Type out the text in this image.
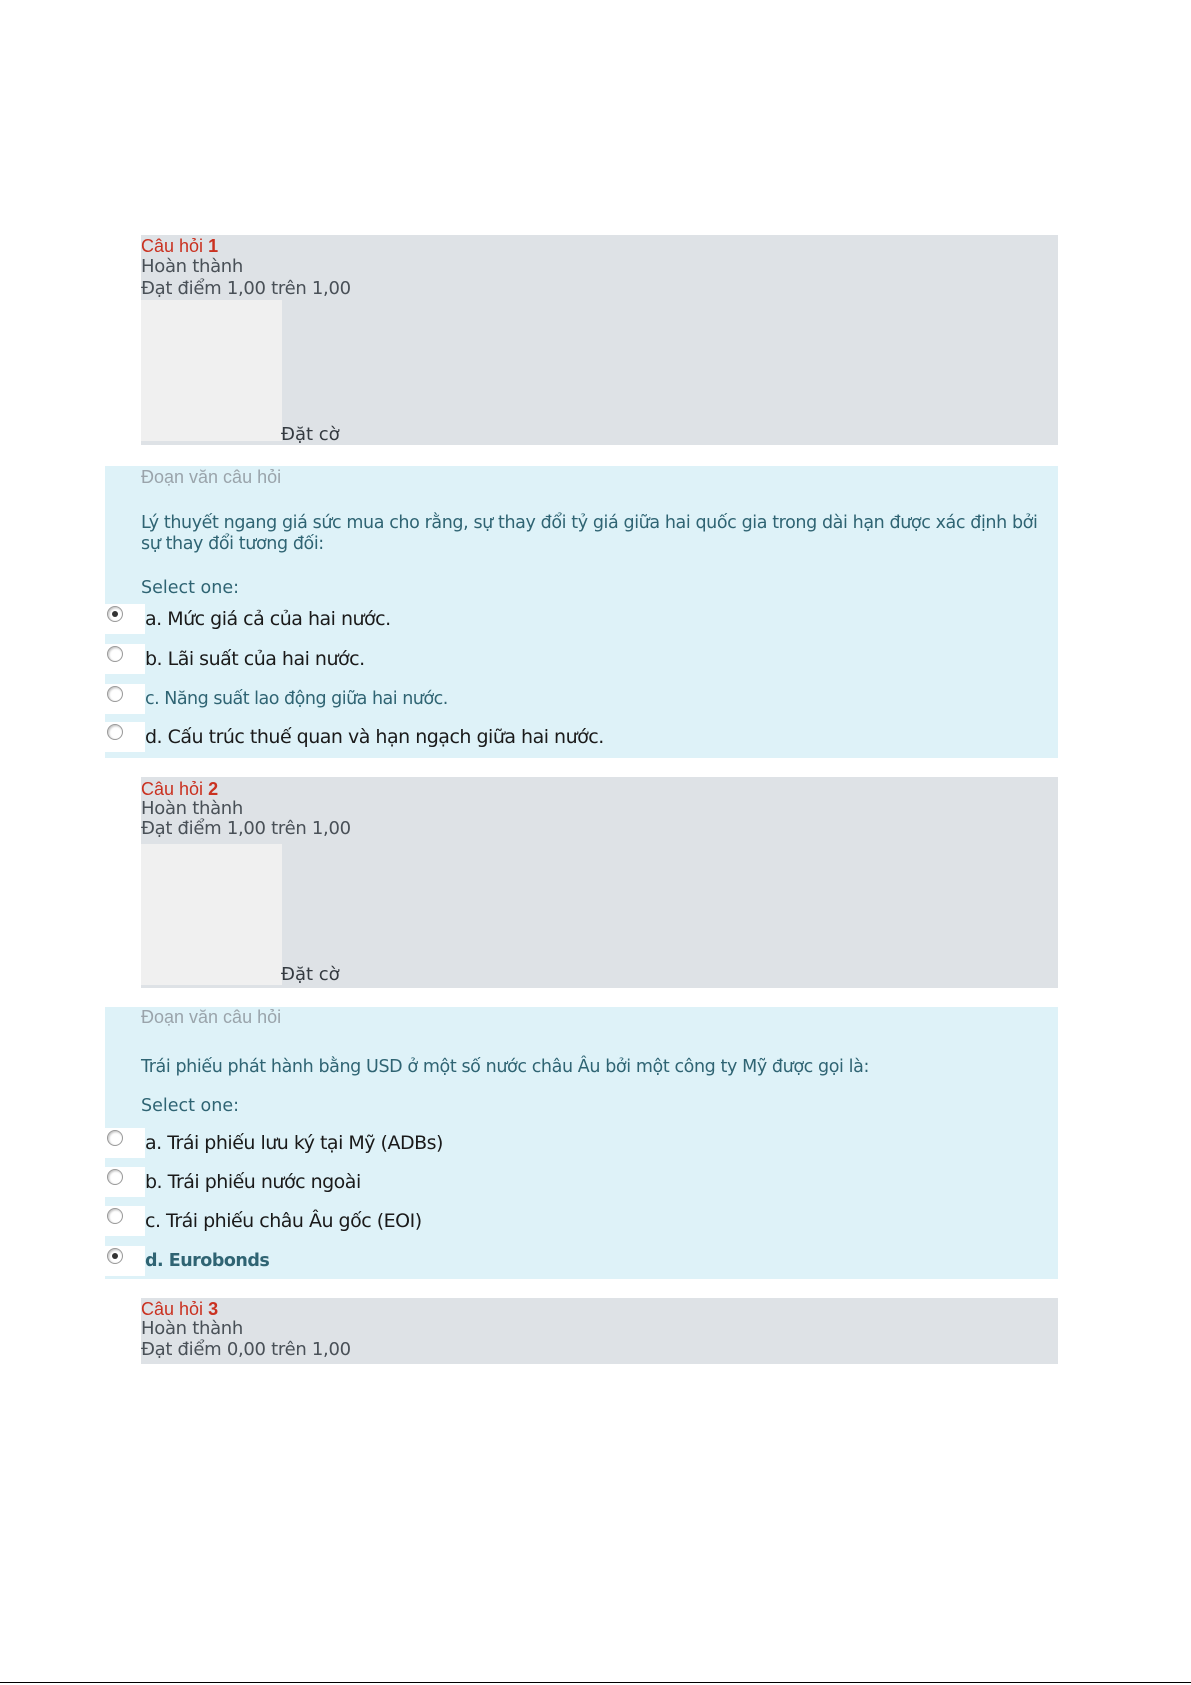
Câu hỏi 1
Hoàn thành
Đạt điểm 1,00 trên 1,00
Đặt cờ
Đoạn văn câu hỏi
Lý thuyết ngang giá sức mua cho rằng, sự thay đổi tỷ giá giữa hai quốc gia trong dài hạn được xác định bởi sự thay đổi tương đối:
Select one:
a. Mức giá cả của hai nước.
b. Lãi suất của hai nước.
c. Năng suất lao động giữa hai nước.
d. Cấu trúc thuế quan và hạn ngạch giữa hai nước.
Câu hỏi 2
Hoàn thành
Đạt điểm 1,00 trên 1,00
Đặt cờ
Đoạn văn câu hỏi
Trái phiếu phát hành bằng USD ở một số nước châu Âu bởi một công ty Mỹ được gọi là:
Select one:
a. Trái phiếu lưu ký tại Mỹ (ADBs)
b. Trái phiếu nước ngoài
c. Trái phiếu châu Âu gốc (EOI)
d. Eurobonds
Câu hỏi 3
Hoàn thành
Đạt điểm 0,00 trên 1,00
